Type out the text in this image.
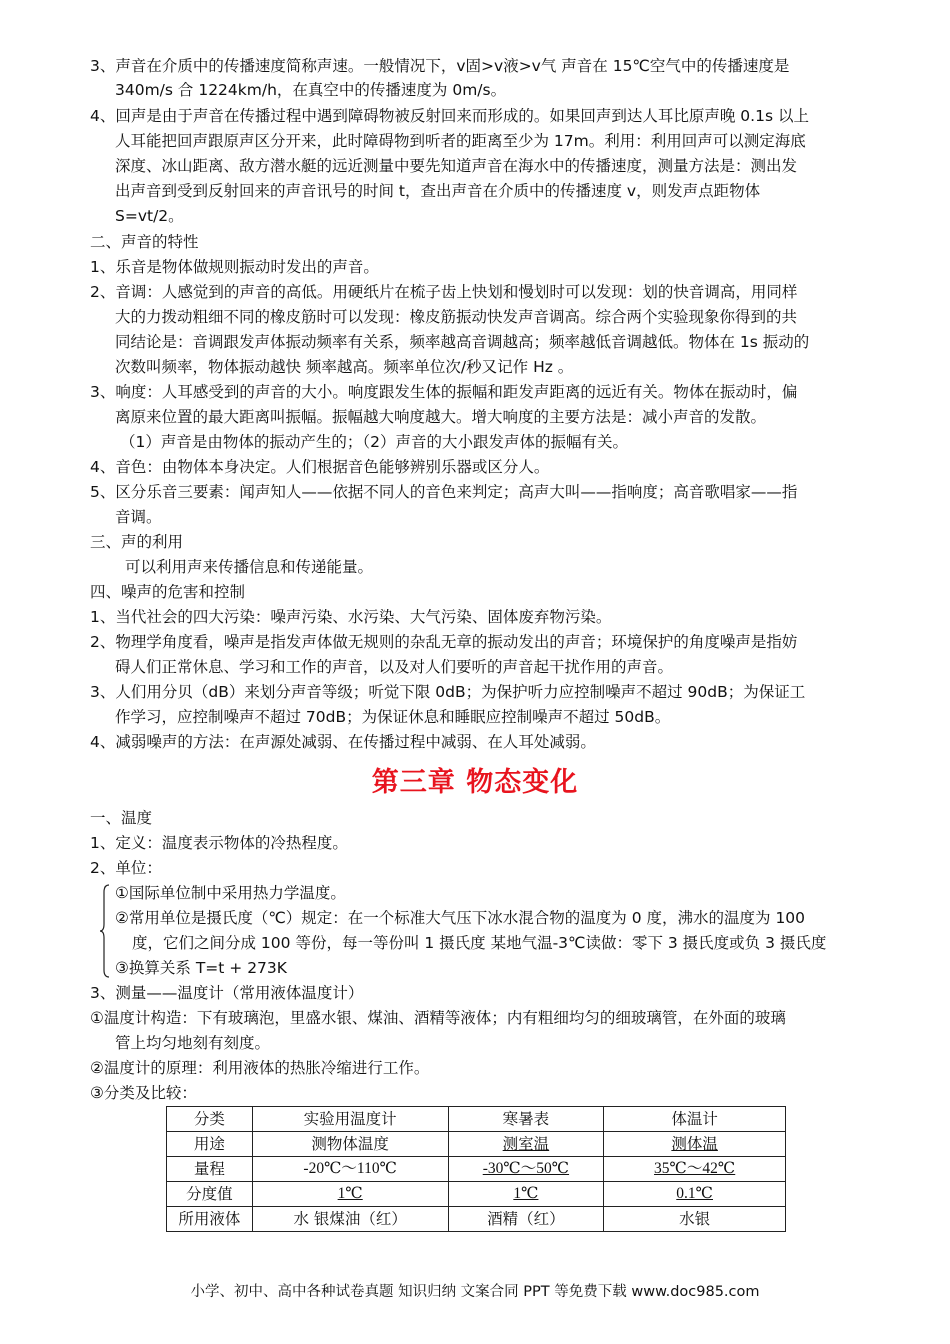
3、声音在介质中的传播速度简称声速。一般情况下，v固>v液>v气 声音在 15℃空气中的传播速度是
340m/s 合 1224km/h，在真空中的传播速度为 0m/s。
4、回声是由于声音在传播过程中遇到障碍物被反射回来而形成的。如果回声到达人耳比原声晚 0.1s 以上
人耳能把回声跟原声区分开来，此时障碍物到听者的距离至少为 17m。利用：利用回声可以测定海底
深度、冰山距离、敌方潜水艇的远近测量中要先知道声音在海水中的传播速度，测量方法是：测出发
出声音到受到反射回来的声音讯号的时间 t，查出声音在介质中的传播速度 v，则发声点距物体
S=vt/2。
二、声音的特性
1、乐音是物体做规则振动时发出的声音。
2、音调：人感觉到的声音的高低。用硬纸片在梳子齿上快划和慢划时可以发现：划的快音调高，用同样
大的力拨动粗细不同的橡皮筋时可以发现：橡皮筋振动快发声音调高。综合两个实验现象你得到的共
同结论是：音调跟发声体振动频率有关系，频率越高音调越高；频率越低音调越低。物体在 1s 振动的
次数叫频率，物体振动越快 频率越高。频率单位次/秒又记作 Hz 。
3、响度：人耳感受到的声音的大小。响度跟发生体的振幅和距发声距离的远近有关。物体在振动时，偏
离原来位置的最大距离叫振幅。振幅越大响度越大。增大响度的主要方法是：减小声音的发散。
（1）声音是由物体的振动产生的；（2）声音的大小跟发声体的振幅有关。
4、音色：由物体本身决定。人们根据音色能够辨别乐器或区分人。
5、区分乐音三要素：闻声知人——依据不同人的音色来判定；高声大叫——指响度；高音歌唱家——指
音调。
三、声的利用
可以利用声来传播信息和传递能量。
四、噪声的危害和控制
1、当代社会的四大污染：噪声污染、水污染、大气污染、固体废弃物污染。
2、物理学角度看，噪声是指发声体做无规则的杂乱无章的振动发出的声音；环境保护的角度噪声是指妨
碍人们正常休息、学习和工作的声音，以及对人们要听的声音起干扰作用的声音。
3、人们用分贝（dB）来划分声音等级；听觉下限 0dB；为保护听力应控制噪声不超过 90dB；为保证工
作学习，应控制噪声不超过 70dB；为保证休息和睡眠应控制噪声不超过 50dB。
4、减弱噪声的方法：在声源处减弱、在传播过程中减弱、在人耳处减弱。
第三章 物态变化
一、温度
1、定义：温度表示物体的冷热程度。
2、单位：
①国际单位制中采用热力学温度。
②常用单位是摄氏度（℃）规定：在一个标准大气压下冰水混合物的温度为 0 度，沸水的温度为 100
度，它们之间分成 100 等份，每一等份叫 1 摄氏度 某地气温-3℃读做：零下 3 摄氏度或负 3 摄氏度
③换算关系 T=t + 273K
3、测量——温度计（常用液体温度计）
①温度计构造：下有玻璃泡，里盛水银、煤油、酒精等液体；内有粗细均匀的细玻璃管，在外面的玻璃
管上均匀地刻有刻度。
②温度计的原理：利用液体的热胀冷缩进行工作。
③分类及比较：
分类	实验用温度计	寒暑表	体温计
用途	测物体温度	测室温	测体温
量程	-20℃～110℃	-30℃～50℃	35℃～42℃
分度值	1℃	1℃	0.1℃
所用液体	水 银煤油（红）	酒精（红）	水银
小学、初中、高中各种试卷真题 知识归纳 文案合同 PPT 等免费下载 www.doc985.com
